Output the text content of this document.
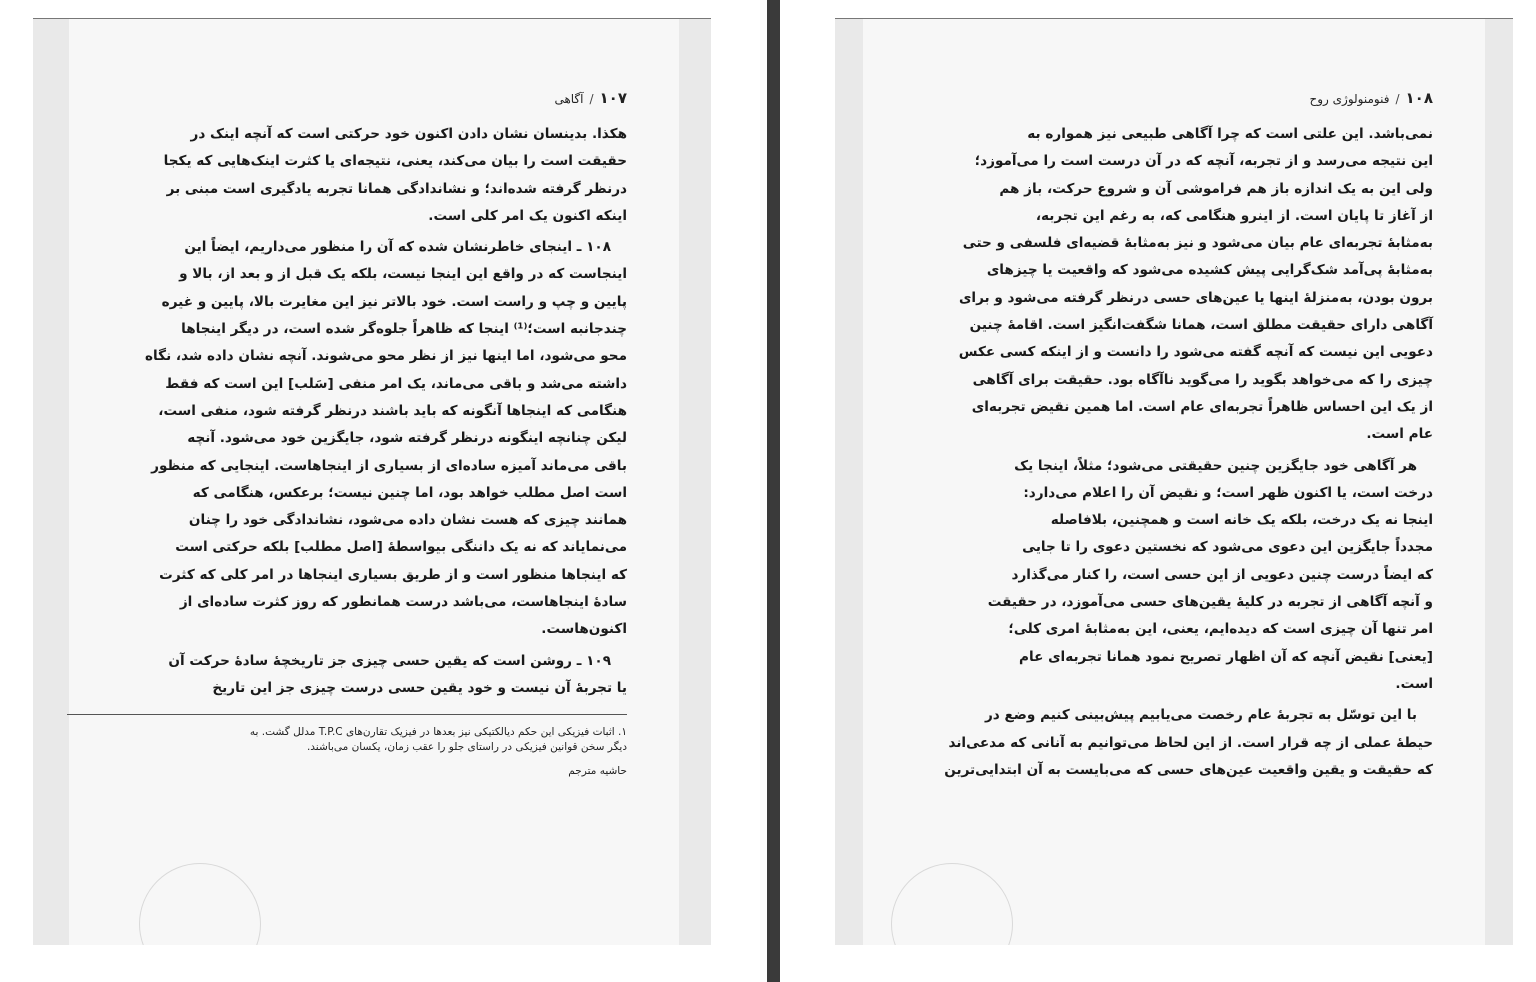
۱۰۷
/
آگاهی

هکذا. بدینسان نشان دادن اکنون خود حرکتی است که آنچه اینک در
حقیقت است را بیان می‌کند، یعنی، نتیجه‌ای یا کثرت اینک‌هایی که یکجا
درنظر گرفته شده‌اند؛ و نشاندادگی همانا تجربه یادگیری است مبنی بر
اینکه اکنون یک امر کلی است.

۱۰۸ ـ اینجای خاطرنشان شده که آن را منظور می‌داریم، ایضاً این
اینجاست که در واقع این اینجا نیست، بلکه یک قبل از و بعد از، بالا و
پایین و چپ و راست است. خود بالاتر نیز این مغایرت بالا، پایین و غیره
چندجانبه است؛⁽¹⁾ اینجا که ظاهراً جلوه‌گر شده است، در دیگر اینجاها
محو می‌شود، اما اینها نیز از نظر محو می‌شوند. آنچه نشان داده شد، نگاه
داشته می‌شد و باقی می‌ماند، یک امر منفی [سَلب] این است که فقط
هنگامی که اینجاها آنگونه که باید باشند درنظر گرفته شود، منفی است،
لیکن چنانچه اینگونه درنظر گرفته شود، جایگزین خود می‌شود. آنچه
باقی می‌ماند آمیزه ساده‌ای از بسیاری از اینجاهاست. اینجایی که منظور
است اصل مطلب خواهد بود، اما چنین نیست؛ برعکس، هنگامی که
همانند چیزی که هست نشان داده می‌شود، نشاندادگی خود را چنان
می‌نمایاند که نه یک داننگی بیواسطهٔ [اصل مطلب] بلکه حرکتی است
که اینجاها منظور است و از طریق بسیاری اینجاها در امر کلی که کثرت
سادهٔ اینجاهاست، می‌باشد درست همانطور که روز کثرت ساده‌ای از
اکنون‌هاست.

۱۰۹ ـ روشن است که یقین حسی چیزی جز تاریخچهٔ سادهٔ حرکت آن
یا تجربهٔ آن نیست و خود یقین حسی درست چیزی جز این تاریخ

۱. اثبات فیزیکی این حکم دیالکتیکی نیز بعدها در فیزیک تقارن‌های T.P.C مدلل گشت. به
دیگر سخن قوانین فیزیکی در راستای جلو را عقب زمان، یکسان می‌باشند.
حاشیه مترجم
۱۰۸
/
فنومنولوژی روح

نمی‌باشد. این علتی است که چرا آگاهی طبیعی نیز همواره به
این نتیجه می‌رسد و از تجربه، آنچه که در آن درست است را می‌آموزد؛
ولی این به یک اندازه باز هم فراموشی آن و شروع حرکت، باز هم
از آغاز تا پایان است. از اینرو هنگامی که، به رغم این تجربه،
به‌مثابهٔ تجربه‌ای عام بیان می‌شود و نیز به‌مثابهٔ قضیه‌ای فلسفی و حتی
به‌مثابهٔ پی‌آمد شک‌گرایی پیش کشیده می‌شود که واقعیت یا چیزهای
برون بودن، به‌منزلهٔ اینها یا عین‌های حسی درنظر گرفته می‌شود و برای
آگاهی دارای حقیقت مطلق است، همانا شگفت‌انگیز است. اقامهٔ چنین
دعویی این نیست که آنچه گفته می‌شود را دانست و از اینکه کسی عکس
چیزی را که می‌خواهد بگوید را می‌گوید ناآگاه بود. حقیقت برای آگاهی
از یک این احساس ظاهراً تجربه‌ای عام است. اما همین نقیض تجربه‌ای
عام است.

هر آگاهی خود جایگزین چنین حقیقتی می‌شود؛ مثلاً، اینجا یک
درخت است، یا اکنون ظهر است؛ و نقیض آن را اعلام می‌دارد:
اینجا نه یک درخت، بلکه یک خانه است و همچنین، بلافاصله
مجدداً جایگزین این دعوی می‌شود که نخستین دعوی را تا جایی
که ایضاً درست چنین دعویی از این حسی است، را کنار می‌گذارد
و آنچه آگاهی از تجربه در کلیهٔ یقین‌های حسی می‌آموزد، در حقیقت
امر تنها آن چیزی است که دیده‌ایم، یعنی، این به‌مثابهٔ امری کلی؛
[یعنی] نقیض آنچه که آن اظهار تصریح نمود همانا تجربه‌ای عام
است.

با این توسّل به تجربهٔ عام رخصت می‌یابیم پیش‌بینی کنیم وضع در
حیطهٔ عملی از چه قرار است. از این لحاظ می‌توانیم به آنانی که مدعی‌اند
که حقیقت و یقین واقعیت عین‌های حسی که می‌بایست به آن ابتدایی‌ترین
